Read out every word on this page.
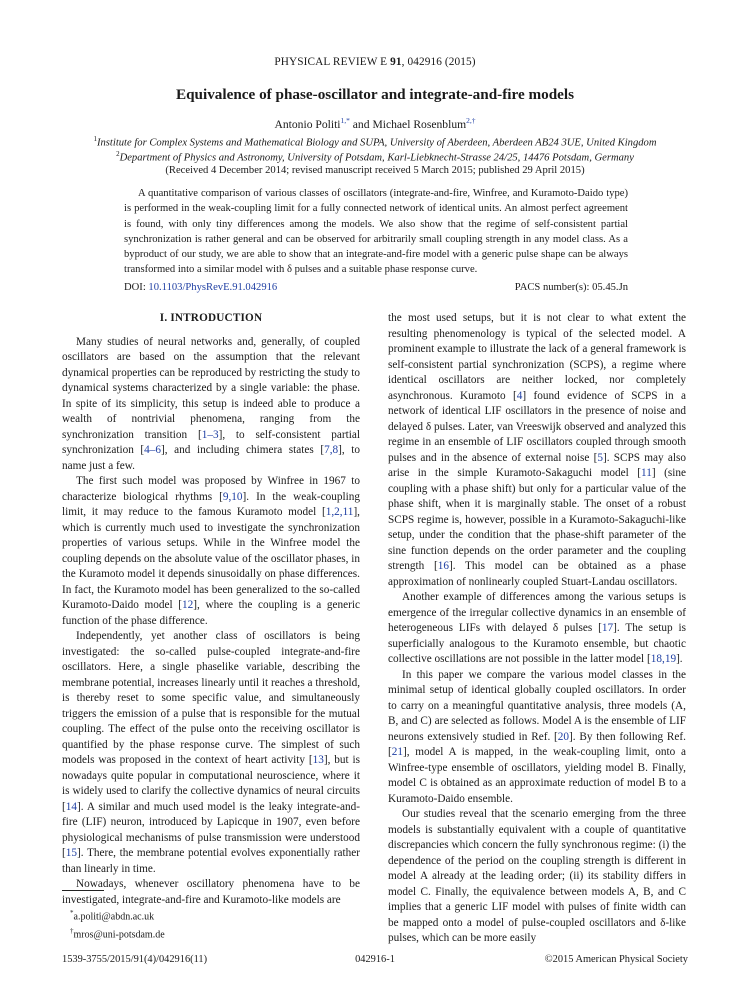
PHYSICAL REVIEW E 91, 042916 (2015)
Equivalence of phase-oscillator and integrate-and-fire models
Antonio Politi$^{1,*}$ and Michael Rosenblum$^{2,\dagger}$
$^1$Institute for Complex Systems and Mathematical Biology and SUPA, University of Aberdeen, Aberdeen AB24 3UE, United Kingdom
$^2$Department of Physics and Astronomy, University of Potsdam, Karl-Liebknecht-Strasse 24/25, 14476 Potsdam, Germany
(Received 4 December 2014; revised manuscript received 5 March 2015; published 29 April 2015)
A quantitative comparison of various classes of oscillators (integrate-and-fire, Winfree, and Kuramoto-Daido type) is performed in the weak-coupling limit for a fully connected network of identical units. An almost perfect agreement is found, with only tiny differences among the models. We also show that the regime of self-consistent partial synchronization is rather general and can be observed for arbitrarily small coupling strength in any model class. As a byproduct of our study, we are able to show that an integrate-and-fire model with a generic pulse shape can be always transformed into a similar model with δ pulses and a suitable phase response curve.
DOI: 10.1103/PhysRevE.91.042916	PACS number(s): 05.45.Jn
I. INTRODUCTION

Many studies of neural networks and, generally, of coupled oscillators are based on the assumption that the relevant dynamical properties can be reproduced by restricting the study to dynamical systems characterized by a single variable: the phase. In spite of its simplicity, this setup is indeed able to produce a wealth of nontrivial phenomena, ranging from the synchronization transition [1–3], to self-consistent partial synchronization [4–6], and including chimera states [7,8], to name just a few.

The first such model was proposed by Winfree in 1967 to characterize biological rhythms [9,10]. In the weak-coupling limit, it may reduce to the famous Kuramoto model [1,2,11], which is currently much used to investigate the synchronization properties of various setups. While in the Winfree model the coupling depends on the absolute value of the oscillator phases, in the Kuramoto model it depends sinusoidally on phase differences. In fact, the Kuramoto model has been generalized to the so-called Kuramoto-Daido model [12], where the coupling is a generic function of the phase difference.

Independently, yet another class of oscillators is being investigated: the so-called pulse-coupled integrate-and-fire oscillators. Here, a single phaselike variable, describing the membrane potential, increases linearly until it reaches a threshold, is thereby reset to some specific value, and simultaneously triggers the emission of a pulse that is responsible for the mutual coupling. The effect of the pulse onto the receiving oscillator is quantified by the phase response curve. The simplest of such models was proposed in the context of heart activity [13], but is nowadays quite popular in computational neuroscience, where it is widely used to clarify the collective dynamics of neural circuits [14]. A similar and much used model is the leaky integrate-and-fire (LIF) neuron, introduced by Lapicque in 1907, even before physiological mechanisms of pulse transmission were understood [15]. There, the membrane potential evolves exponentially rather than linearly in time.

Nowadays, whenever oscillatory phenomena have to be investigated, integrate-and-fire and Kuramoto-like models are

the most used setups, but it is not clear to what extent the resulting phenomenology is typical of the selected model. A prominent example to illustrate the lack of a general framework is self-consistent partial synchronization (SCPS), a regime where identical oscillators are neither locked, nor completely asynchronous. Kuramoto [4] found evidence of SCPS in a network of identical LIF oscillators in the presence of noise and delayed δ pulses. Later, van Vreeswijk observed and analyzed this regime in an ensemble of LIF oscillators coupled through smooth pulses and in the absence of external noise [5]. SCPS may also arise in the simple Kuramoto-Sakaguchi model [11] (sine coupling with a phase shift) but only for a particular value of the phase shift, when it is marginally stable. The onset of a robust SCPS regime is, however, possible in a Kuramoto-Sakaguchi-like setup, under the condition that the phase-shift parameter of the sine function depends on the order parameter and the coupling strength [16]. This model can be obtained as a phase approximation of nonlinearly coupled Stuart-Landau oscillators.

Another example of differences among the various setups is emergence of the irregular collective dynamics in an ensemble of heterogeneous LIFs with delayed δ pulses [17]. The setup is superficially analogous to the Kuramoto ensemble, but chaotic collective oscillations are not possible in the latter model [18,19].

In this paper we compare the various model classes in the minimal setup of identical globally coupled oscillators. In order to carry on a meaningful quantitative analysis, three models (A, B, and C) are selected as follows. Model A is the ensemble of LIF neurons extensively studied in Ref. [20]. By then following Ref. [21], model A is mapped, in the weak-coupling limit, onto a Winfree-type ensemble of oscillators, yielding model B. Finally, model C is obtained as an approximate reduction of model B to a Kuramoto-Daido ensemble.

Our studies reveal that the scenario emerging from the three models is substantially equivalent with a couple of quantitative discrepancies which concern the fully synchronous regime: (i) the dependence of the period on the coupling strength is different in model A already at the leading order; (ii) its stability differs in model C. Finally, the equivalence between models A, B, and C implies that a generic LIF model with pulses of finite width can be mapped onto a model of pulse-coupled oscillators and δ-like pulses, which can be more easily

*a.politi@abdn.ac.uk
†mros@uni-potsdam.de
1539-3755/2015/91(4)/042916(11)	042916-1	©2015 American Physical Society
